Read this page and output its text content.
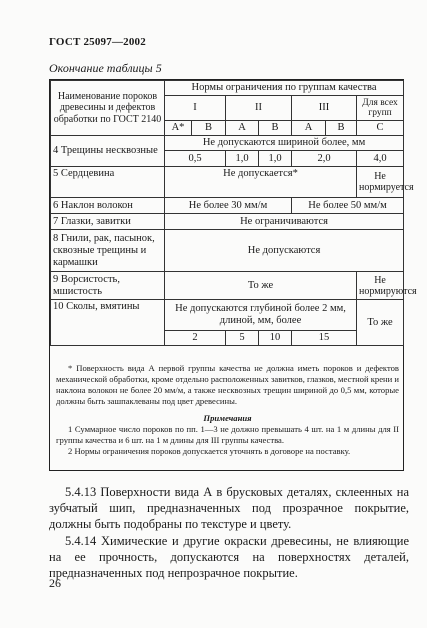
ГОСТ 25097—2002
Окончание таблицы 5
Наименование пороков древесины и дефектов обработки по ГОСТ 2140	Нормы ограничения по группам качества						
	I		II		III		Для всех групп
	A*	B	A	B	A	B	C
4 Трещины несквозные	Не допускаются шириной более, мм						
	0,5		1,0	1,0	2,0		4,0
5 Сердцевина	Не допускается*						Не нормируется
6 Наклон волокон	Не более 30 мм/м				Не более 50 мм/м		
7 Глазки, завитки	Не ограничиваются						
8 Гнили, рак, пасынок, сквозные трещины и кармашки	Не допускаются						
9 Ворсистость, мшистость	То же						Не нормируются
10 Сколы, вмятины	Не допускаются глубиной более 2 мм, длиной, мм, более						То же
	2		5	10	15		

* Поверхность вида А первой группы качества не должна иметь пороков и дефектов механической обработки, кроме отдельно расположенных завитков, глазков, местной крени и наклона волокон не более 20 мм/м, а также несквозных трещин шириной до 0,5 мм, которые должны быть зашпаклеваны под цвет древесины.

Примечания

1 Суммарное число пороков по пп. 1—3 не должно превышать 4 шт. на 1 м длины для II группы качества и 6 шт. на 1 м длины для III группы качества.

2 Нормы ограничения пороков допускается уточнять в договоре на поставку.

5.4.13 Поверхности вида А в брусковых деталях, склеенных на зубчатый шип, предназначенных под прозрачное покрытие, должны быть подобраны по текстуре и цвету.

5.4.14 Химические и другие окраски древесины, не влияющие на ее прочность, допускаются на поверхностях деталей, предназначенных под непрозрачное покрытие.

26
